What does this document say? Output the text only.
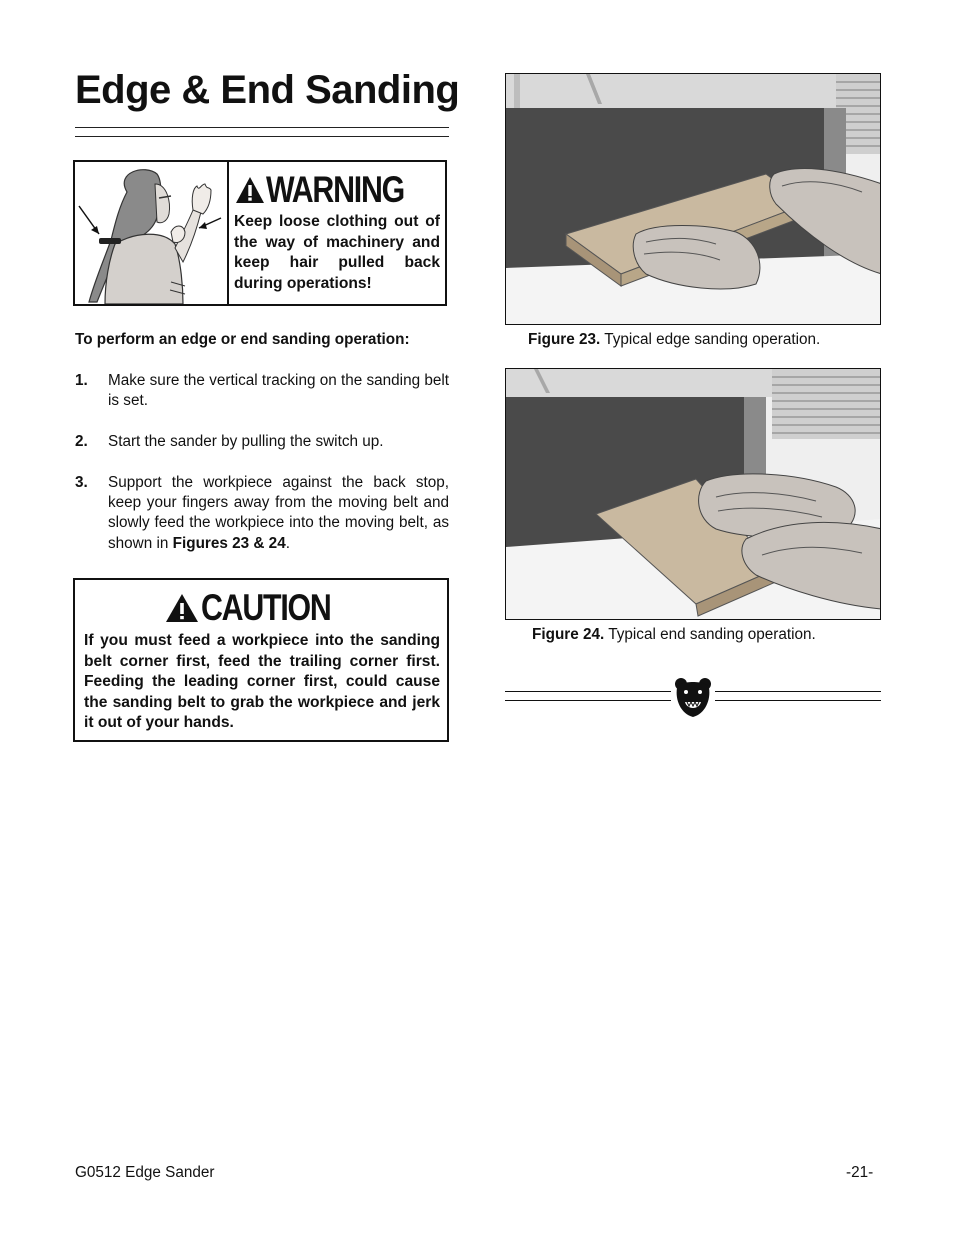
Edge & End Sanding
WARNING
Keep loose clothing out of the way of machinery and keep hair pulled back during operations!
To perform an edge or end sanding operation:
1. Make sure the vertical tracking on the sanding belt is set.
2. Start the sander by pulling the switch up.
3. Support the workpiece against the back stop, keep your fingers away from the moving belt and slowly feed the workpiece into the moving belt, as shown in Figures 23 & 24.
CAUTION
If you must feed a workpiece into the sanding belt corner first, feed the trailing corner first. Feeding the leading corner first, could cause the sanding belt to grab the workpiece and jerk it out of your hands.
Figure 23. Typical edge sanding operation.
Figure 24. Typical end sanding operation.
G0512 Edge Sander	-21-
